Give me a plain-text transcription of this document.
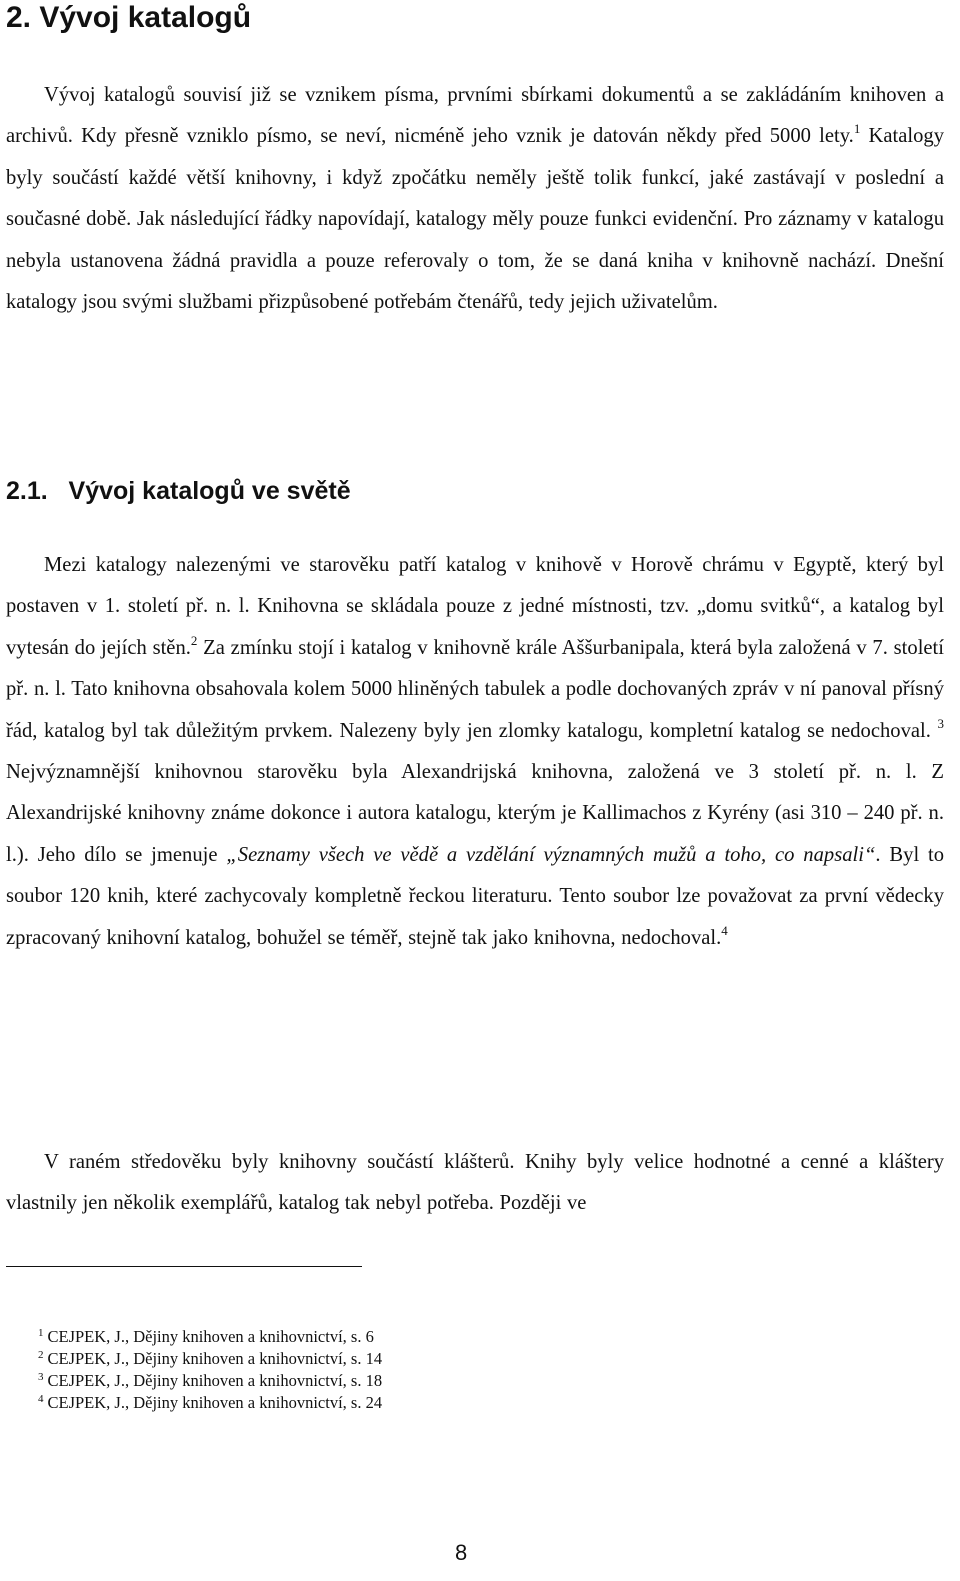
2. Vývoj katalogů

Vývoj katalogů souvisí již se vznikem písma, prvními sbírkami dokumentů a se zakládáním knihoven a archivů. Kdy přesně vzniklo písmo, se neví, nicméně jeho vznik je datován někdy před 5000 lety.$^1$ Katalogy byly součástí každé větší knihovny, i když zpočátku neměly ještě tolik funkcí, jaké zastávají v poslední a současné době. Jak následující řádky napovídají, katalogy měly pouze funkci evidenční. Pro záznamy v katalogu nebyla ustanovena žádná pravidla a pouze referovaly o tom, že se daná kniha v knihovně nachází. Dnešní katalogy jsou svými službami přizpůsobené potřebám čtenářů, tedy jejich uživatelům.

2.1.   Vývoj katalogů ve světě

Mezi katalogy nalezenými ve starověku patří katalog v knihově v Horově chrámu v Egyptě, který byl postaven v 1. století př. n. l. Knihovna se skládala pouze z jedné místnosti, tzv. „domu svitků“, a katalog byl vytesán do jejích stěn.$^2$ Za zmínku stojí i katalog v knihovně krále Aššurbanipala, která byla založená v 7. století př. n. l. Tato knihovna obsahovala kolem 5000 hliněných tabulek a podle dochovaných zpráv v ní panoval přísný řád, katalog byl tak důležitým prvkem. Nalezeny byly jen zlomky katalogu, kompletní katalog se nedochoval. $^3$ Nejvýznamnější knihovnou starověku byla Alexandrijská knihovna, založená ve 3 století př. n. l. Z Alexandrijské knihovny známe dokonce i autora katalogu, kterým je Kallimachos z Kyrény (asi 310 – 240 př. n. l.). Jeho dílo se jmenuje „Seznamy všech ve vědě a vzdělání významných mužů a toho, co napsali“. Byl to soubor 120 knih, které zachycovaly kompletně řeckou literaturu. Tento soubor lze považovat za první vědecky zpracovaný knihovní katalog, bohužel se téměř, stejně tak jako knihovna, nedochoval.$^4$

V raném středověku byly knihovny součástí klášterů. Knihy byly velice hodnotné a cenné a kláštery vlastnily jen několik exemplářů, katalog tak nebyl potřeba. Později ve

$^1$ CEJPEK, J., Dějiny knihoven a knihovnictví, s. 6
$^2$ CEJPEK, J., Dějiny knihoven a knihovnictví, s. 14
$^3$ CEJPEK, J., Dějiny knihoven a knihovnictví, s. 18
$^4$ CEJPEK, J., Dějiny knihoven a knihovnictví, s. 24
8
